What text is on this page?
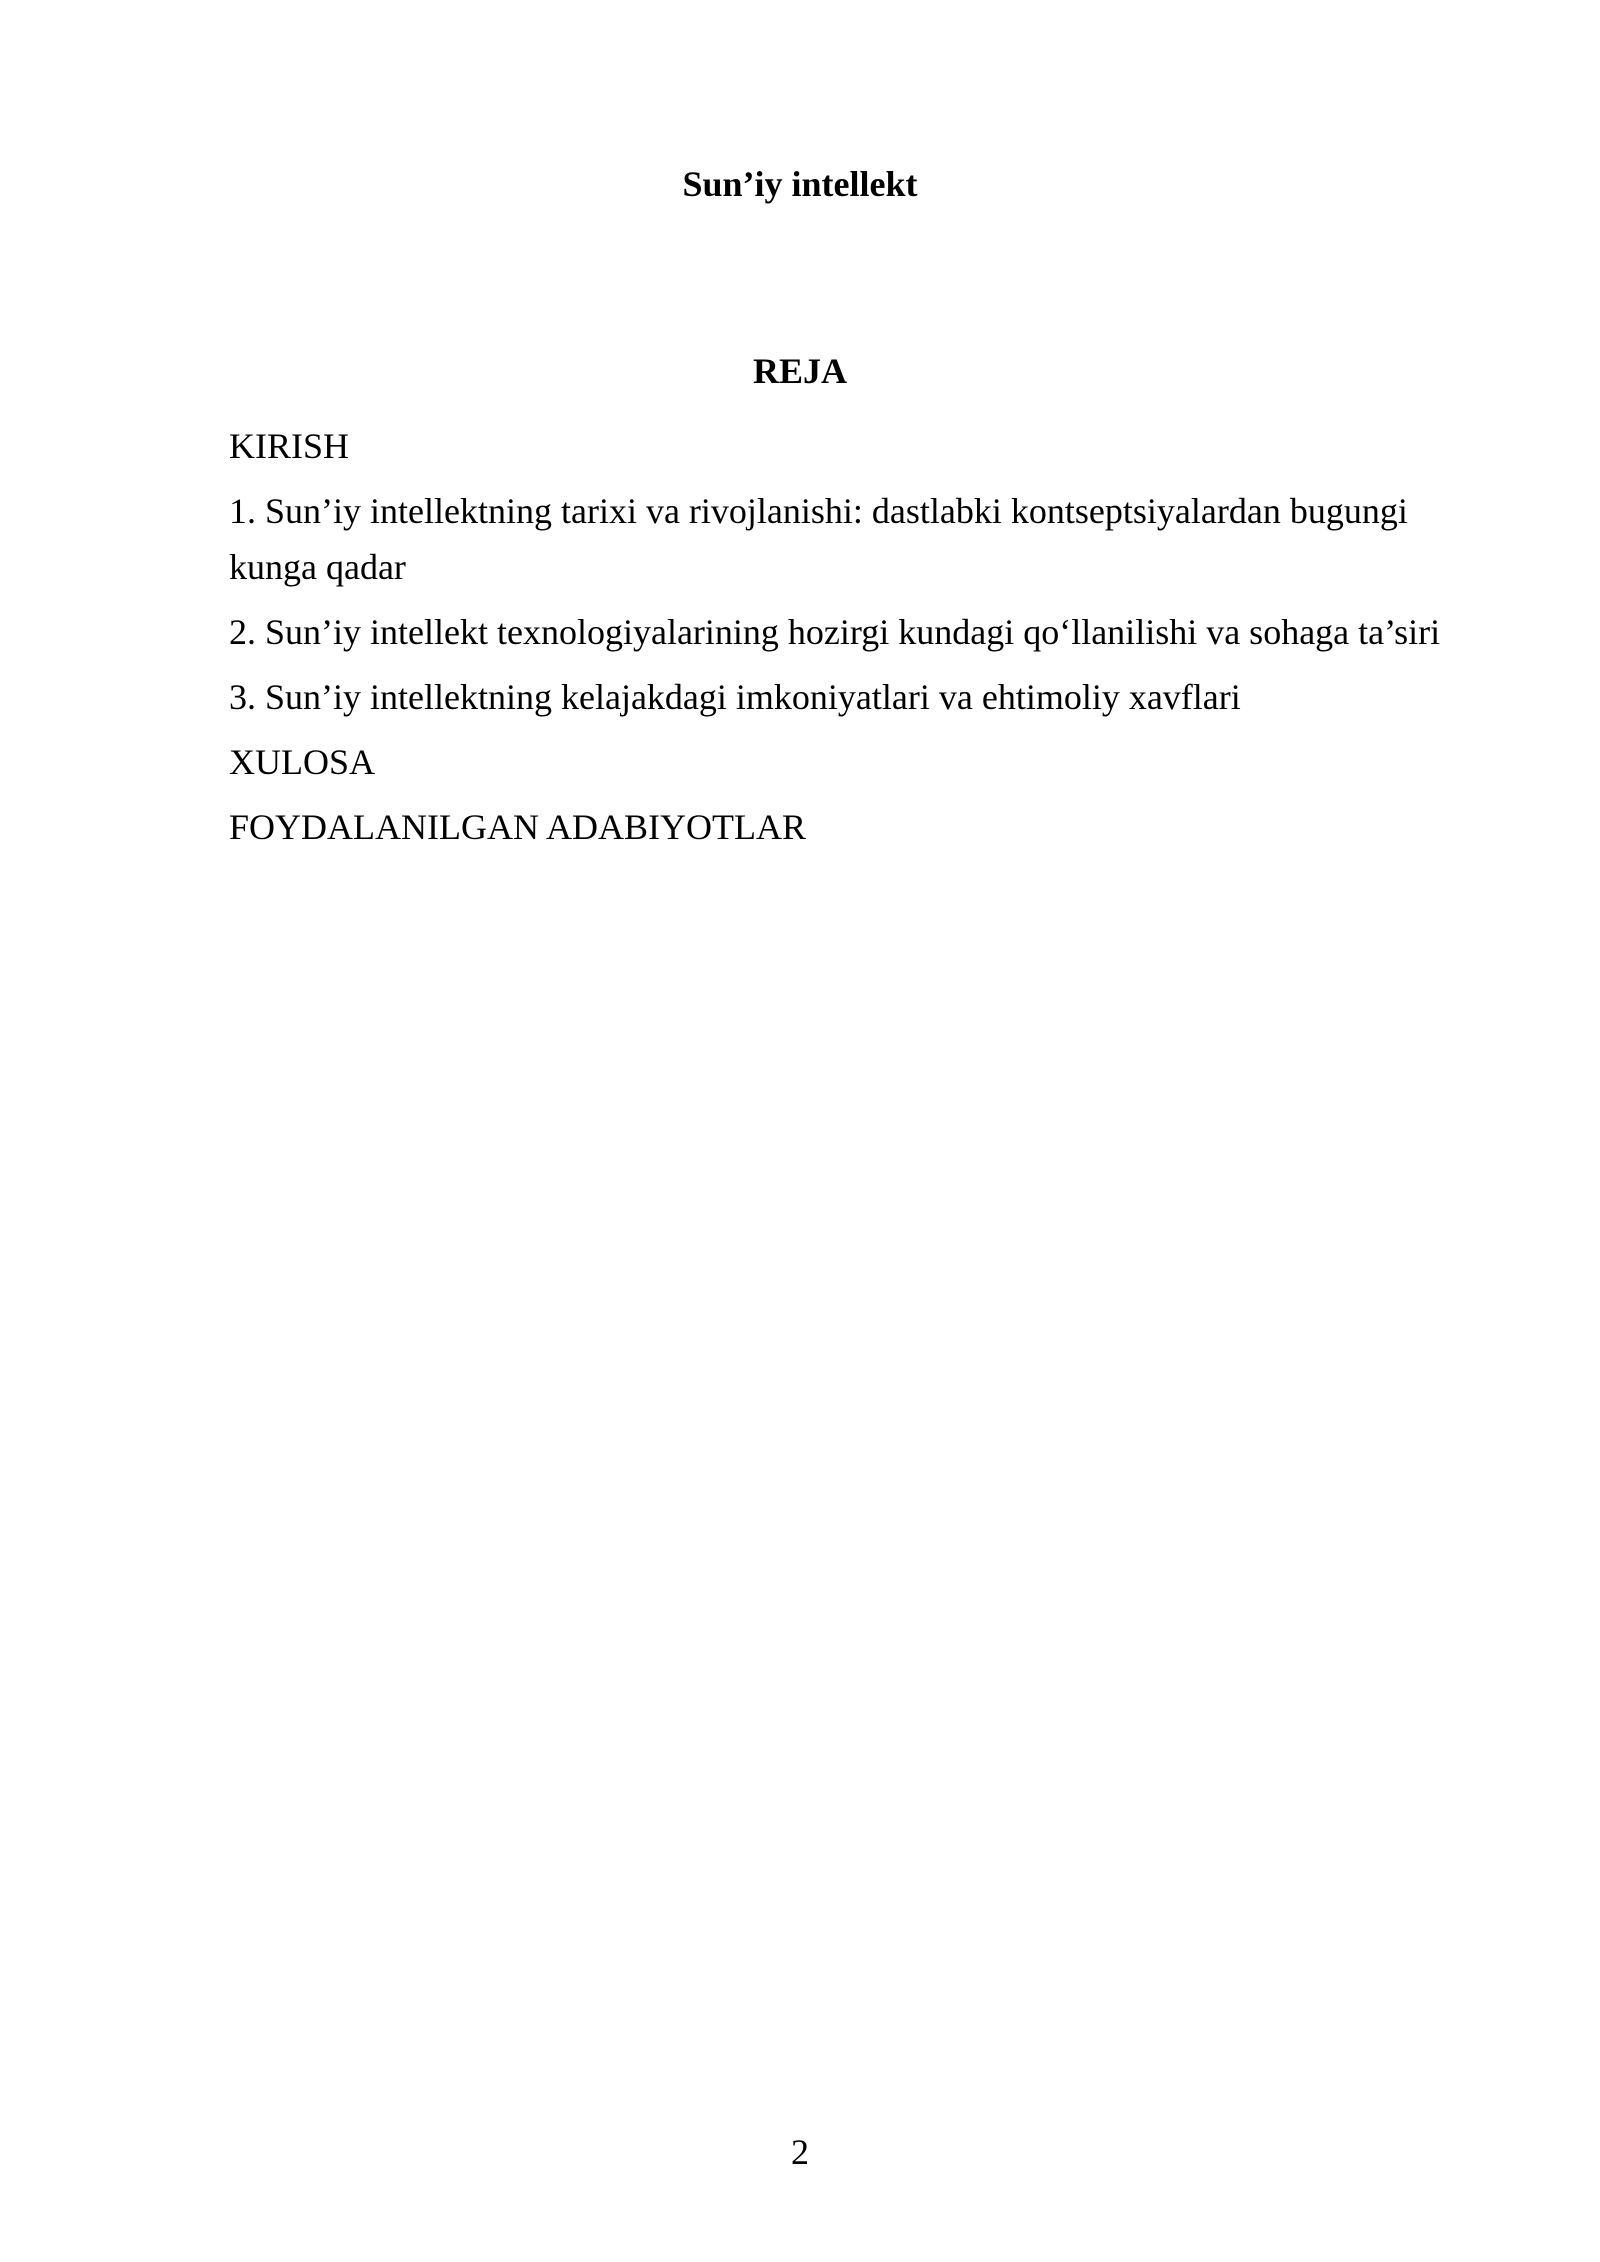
Sun’iy intellekt
REJA
KIRISH
1. Sun’iy intellektning tarixi va rivojlanishi: dastlabki kontseptsiyalardan bugungi kunga qadar
2. Sun’iy intellekt texnologiyalarining hozirgi kundagi qo‘llanilishi va sohaga ta’siri
3. Sun’iy intellektning kelajakdagi imkoniyatlari va ehtimoliy xavflari
XULOSA
FOYDALANILGAN ADABIYOTLAR
2
